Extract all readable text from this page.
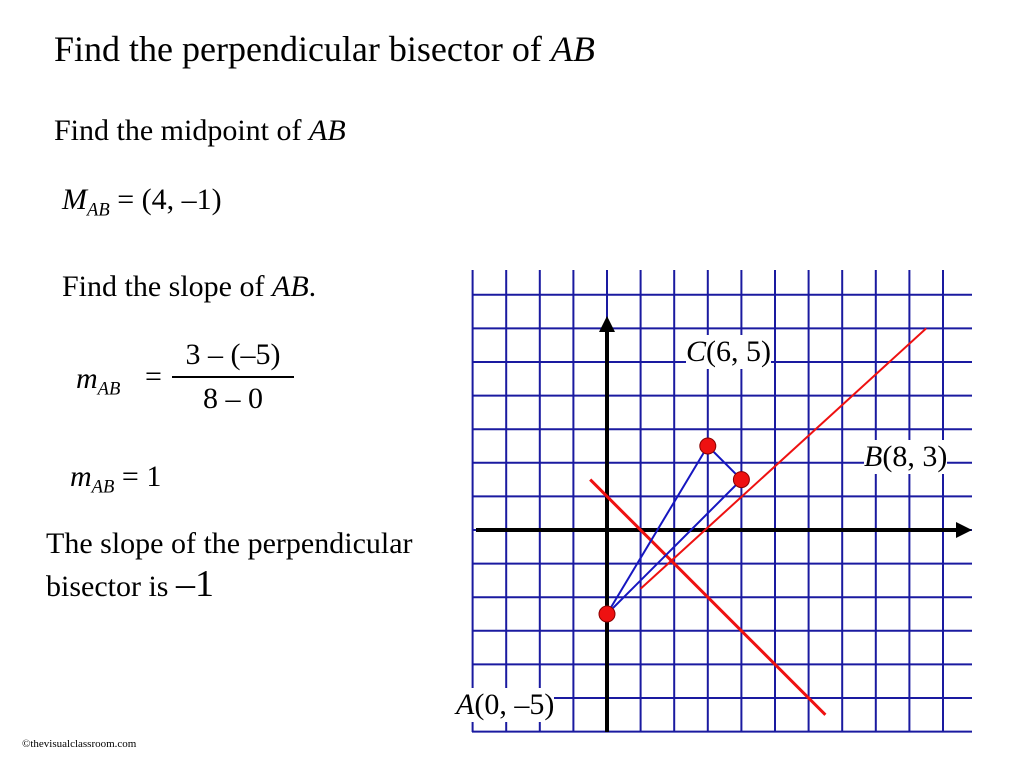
Find the perpendicular bisector of AB
Find the midpoint of AB
$M_{AB} = (4$, –1)
Find the slope of AB.
$m_{AB}$ =
3 – (–5)
8 – 0
$m_{AB} = 1$
The slope of the perpendicular bisector is –1
C(6, 5)
B(8, 3)
A(0, –5)
©thevisualclassroom.com
